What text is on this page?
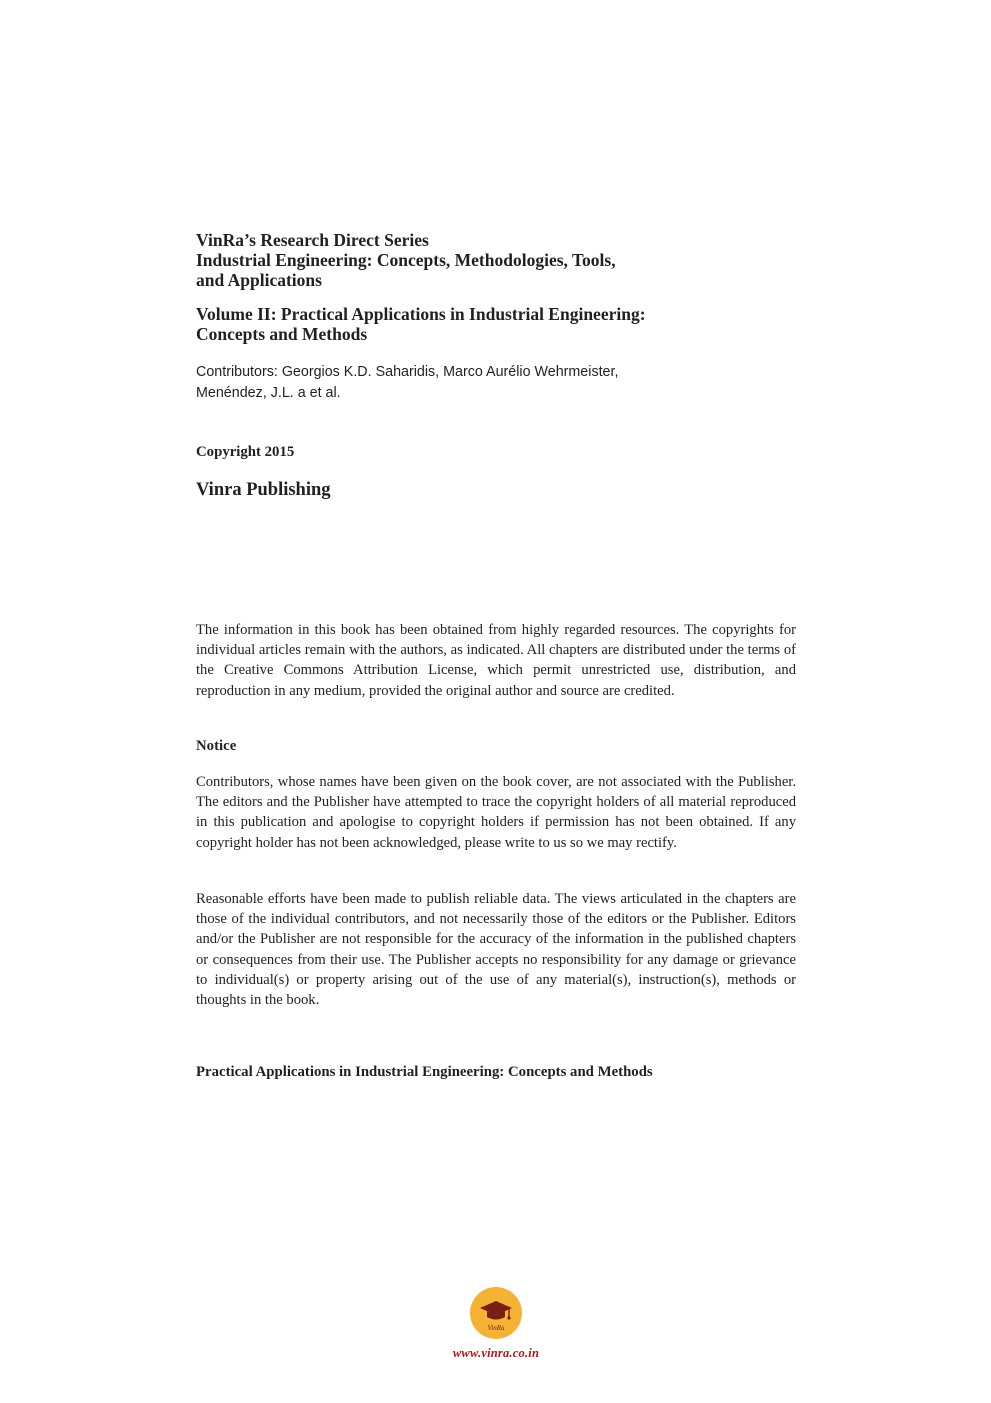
VinRa’s Research Direct Series
Industrial Engineering: Concepts, Methodologies, Tools,
and Applications
Volume II: Practical Applications in Industrial Engineering:
Concepts and Methods
Contributors: Georgios K.D. Saharidis, Marco Aurélio Wehrmeister,
Menéndez, J.L. a et al.
Copyright 2015
Vinra Publishing
The information in this book has been obtained from highly regarded resources. The copyrights for individual articles remain with the authors, as indicated. All chapters are distributed under the terms of the Creative Commons Attribution License, which permit unrestricted use, distribution, and reproduction in any medium, provided the original author and source are credited.
Notice
Contributors, whose names have been given on the book cover, are not associated with the Publisher. The editors and the Publisher have attempted to trace the copyright holders of all material reproduced in this publication and apologise to copyright holders if permission has not been obtained. If any copyright holder has not been acknowledged, please write to us so we may rectify.
Reasonable efforts have been made to publish reliable data. The views articulated in the chapters are those of the individual contributors, and not necessarily those of the editors or the Publisher. Editors and/or the Publisher are not responsible for the accuracy of the information in the published chapters or consequences from their use. The Publisher accepts no responsibility for any damage or grievance to individual(s) or property arising out of the use of any material(s), instruction(s), methods or thoughts in the book.
Practical Applications in Industrial Engineering: Concepts and Methods
VinRa
www.vinra.co.in
